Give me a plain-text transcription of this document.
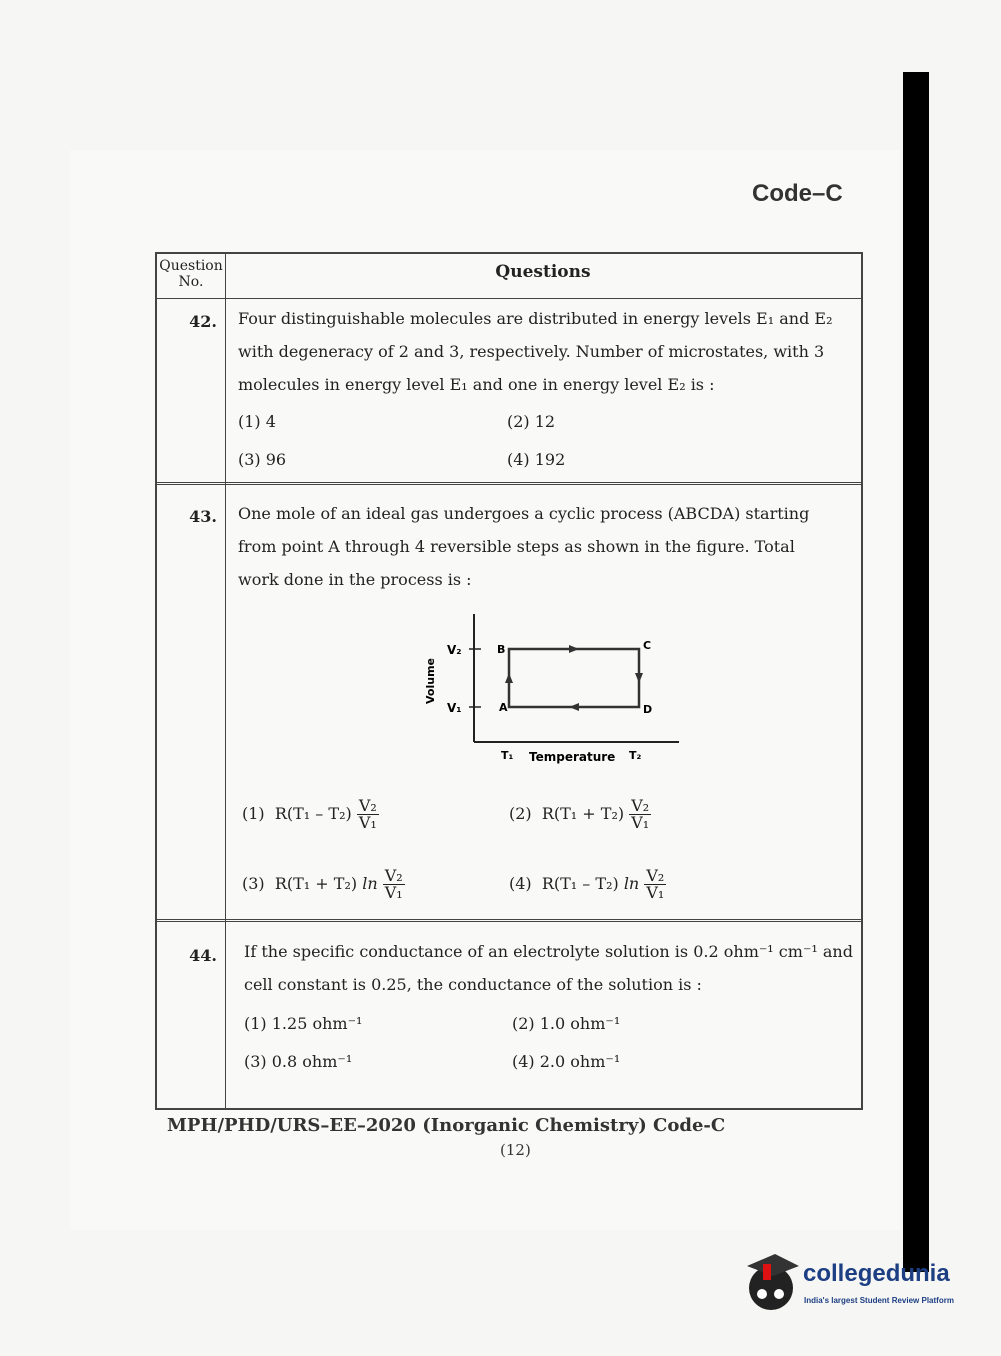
Code–C
Question No.	Questions
42. Four distinguishable molecules are distributed in energy levels E₁ and E₂
with degeneracy of 2 and 3, respectively. Number of microstates, with 3
molecules in energy level E₁ and one in energy level E₂ is :
(1) 4	(2) 12
(3) 96	(4) 192
43. One mole of an ideal gas undergoes a cyclic process (ABCDA) starting
from point A through 4 reversible steps as shown in the figure. Total
work done in the process is :
V₂
V₁
Volume
A
B	C
D
T₁	T₂
Temperature
(1) $R(T_1 - T_2) \frac{\text{V₂}}{\text{V₁}}$	(2) $R(T_1 + T_2) \frac{\text{V₂}}{\text{V₁}}$
(3) R(T₁ + T₂) $\ln \frac{\text{V₂}}{\text{V₁}}$	(4) R(T₁ – T₂) $\ln \frac{\text{V₂}}{\text{V₁}}$
44. If the specific conductance of an electrolyte solution is 0.2 ohm⁻¹ cm⁻¹ and
cell constant is 0.25, the conductance of the solution is :
(1) 1.25 ohm⁻¹	(2) 1.0 ohm⁻¹
(3) 0.8 ohm⁻¹	(4) 2.0 ohm⁻¹
MPH/PHD/URS–EE–2020 (Inorganic Chemistry) Code-C
(12)
collegedunia
India's largest Student Review Platform
